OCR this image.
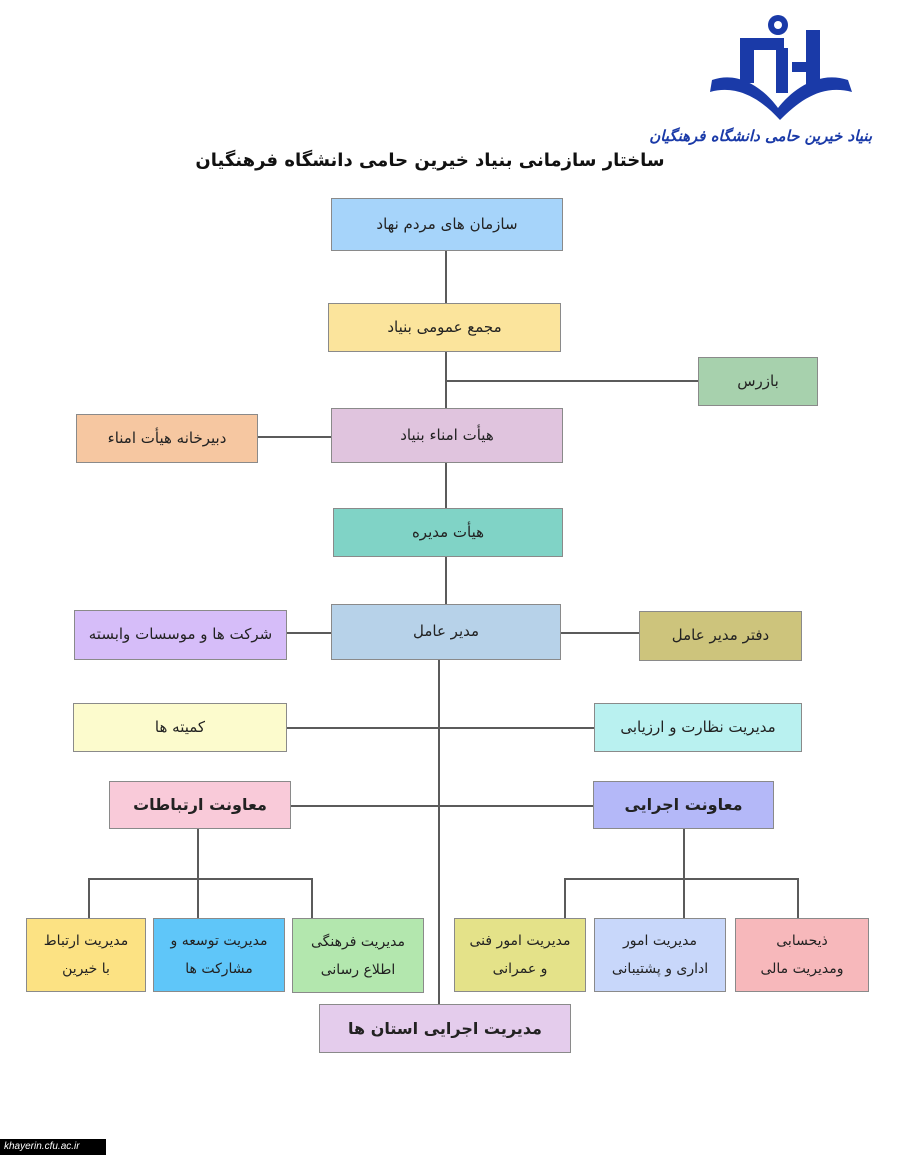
بنیاد خیرین حامی دانشگاه فرهنگیان
ساختار سازمانی بنیاد خیرین حامی دانشگاه فرهنگیان
سازمان های مردم نهاد
مجمع عمومی بنیاد
بازرس
هیأت امناء بنیاد
دبیرخانه هیأت امناء
هیأت مدیره
مدیر عامل
شرکت ها و موسسات وابسته	دفتر مدیر عامل
کمیته ها	مدیریت نظارت و ارزیابی
معاونت ارتباطات	معاونت اجرایی
مدیریت ارتباط
با خیرین
مدیریت توسعه و
مشارکت ها
مدیریت فرهنگی
اطلاع رسانی
مدیریت امور فنی
و عمرانی
مدیریت امور
اداری و پشتیبانی
ذیحسابی
ومدیریت مالی
مدیریت اجرایی استان ها
khayerin.cfu.ac.ir
